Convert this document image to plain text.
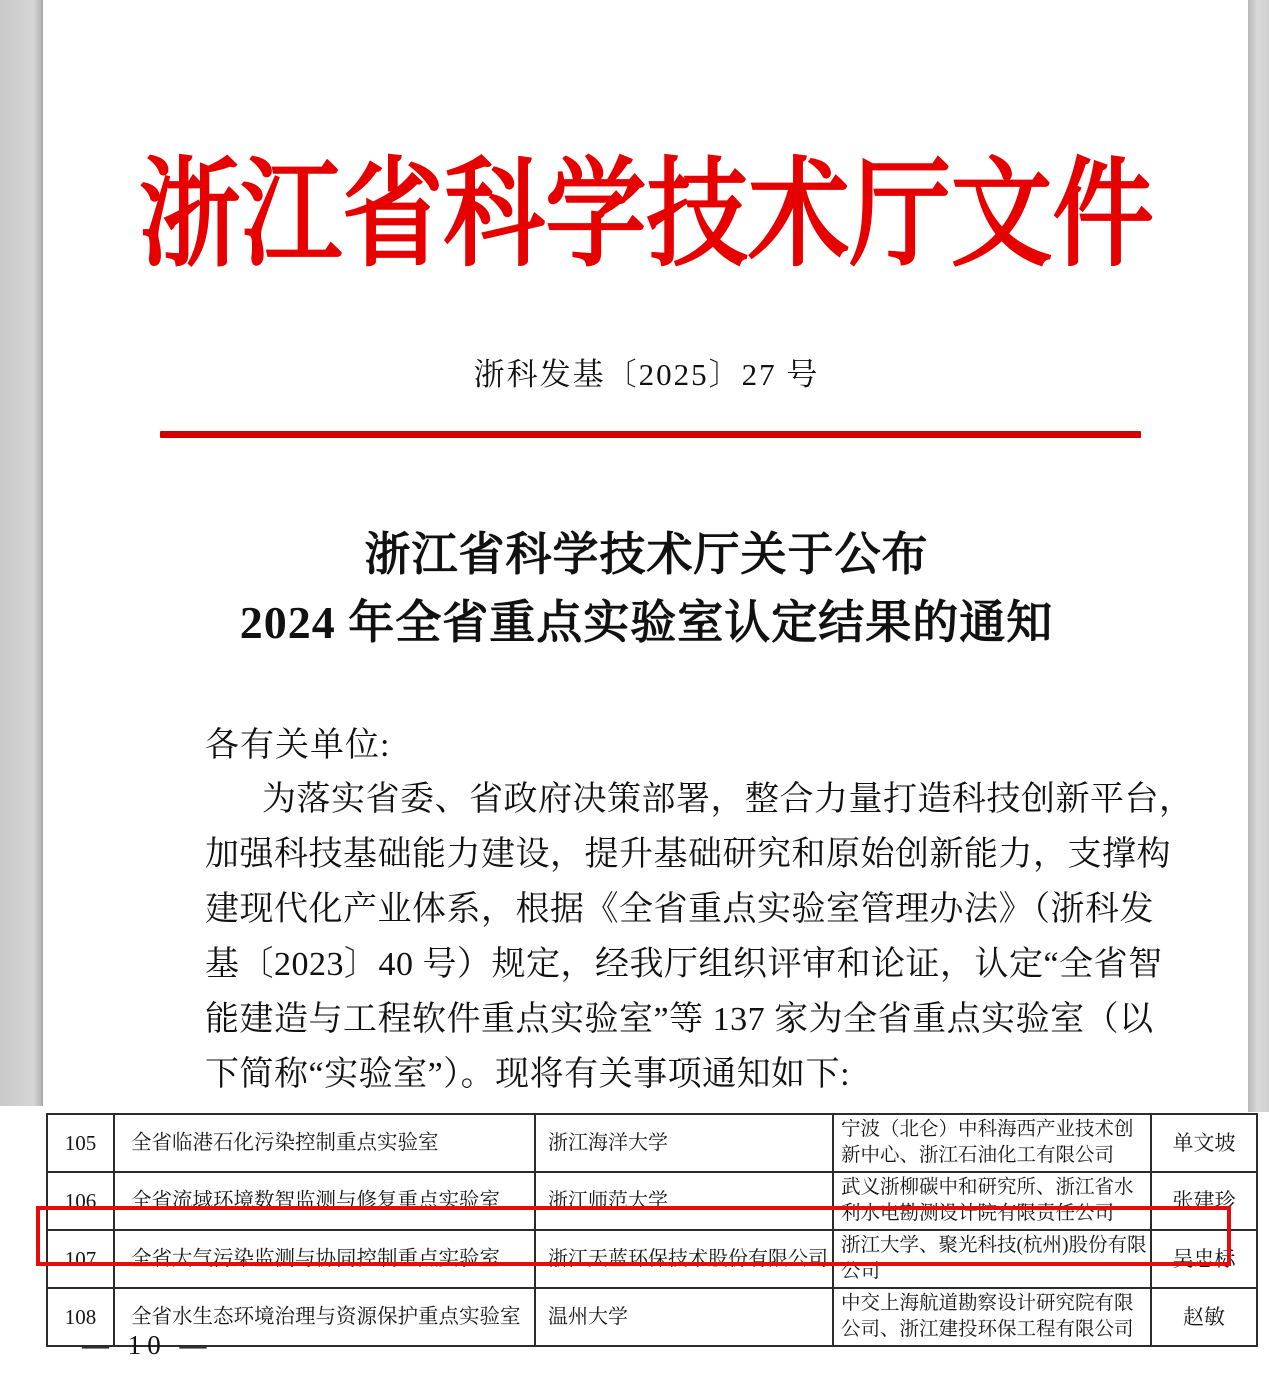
浙江省科学技术厅文件
浙科发基〔2025〕27 号
浙江省科学技术厅关于公布
2024 年全省重点实验室认定结果的通知
各有关单位:
为落实省委、省政府决策部署，整合力量打造科技创新平台，
加强科技基础能力建设，提升基础研究和原始创新能力，支撑构
建现代化产业体系，根据《全省重点实验室管理办法》（浙科发
基〔2023〕40 号）规定，经我厅组织评审和论证，认定“全省智
能建造与工程软件重点实验室”等 137 家为全省重点实验室（以
下简称“实验室”）。现将有关事项通知如下:
105	全省临港石化污染控制重点实验室	浙江海洋大学	宁波（北仑）中科海西产业技术创新中心、浙江石油化工有限公司	单文坡
106	全省流域环境数智监测与修复重点实验室	浙江师范大学	武义浙柳碳中和研究所、浙江省水利水电勘测设计院有限责任公司	张建珍
107	全省大气污染监测与协同控制重点实验室	浙江天蓝环保技术股份有限公司	浙江大学、聚光科技(杭州)股份有限公司	吴忠标
108	全省水生态环境治理与资源保护重点实验室	温州大学	中交上海航道勘察设计研究院有限公司、浙江建投环保工程有限公司	赵敏
— 10 —
